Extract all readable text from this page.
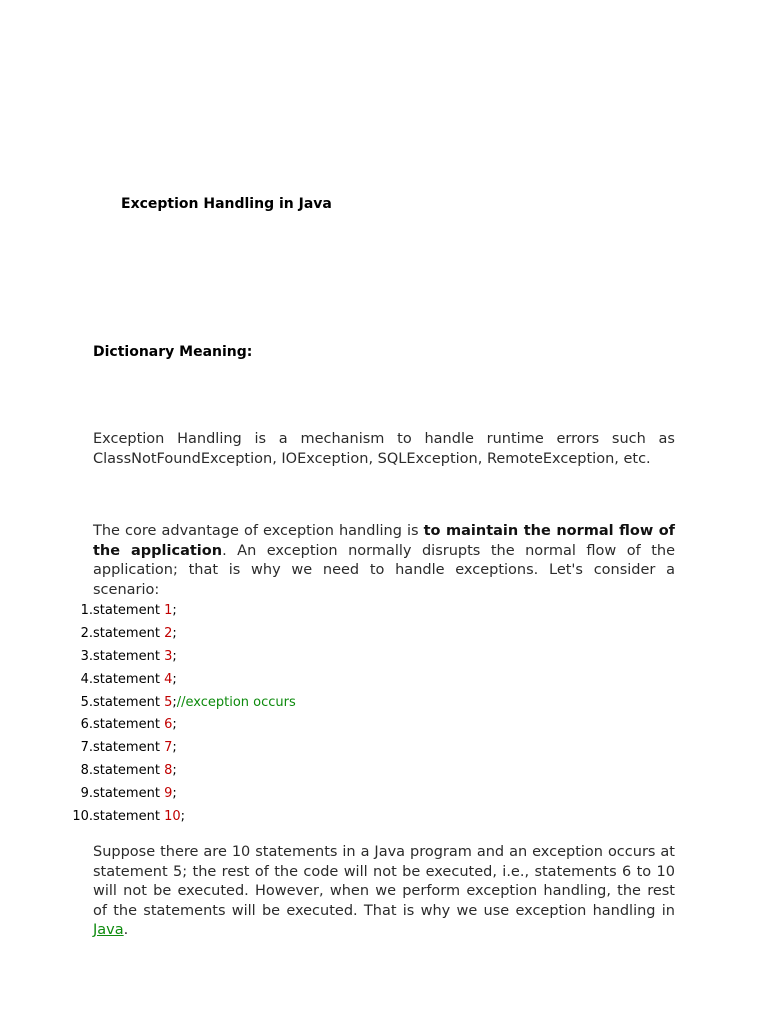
Exception Handling in Java
Dictionary Meaning:

Exception Handling is a mechanism to handle runtime errors such as ClassNotFoundException, IOException, SQLException, RemoteException, etc.

The core advantage of exception handling is to maintain the normal flow of the application. An exception normally disrupts the normal flow of the application; that is why we need to handle exceptions. Let's consider a scenario:

1. statement 1;
2. statement 2;
3. statement 3;
4. statement 4;
5. statement 5;//exception occurs
6. statement 6;
7. statement 7;
8. statement 8;
9. statement 9;
10. statement 10;

Suppose there are 10 statements in a Java program and an exception occurs at statement 5; the rest of the code will not be executed, i.e., statements 6 to 10 will not be executed. However, when we perform exception handling, the rest of the statements will be executed. That is why we use exception handling in Java.
